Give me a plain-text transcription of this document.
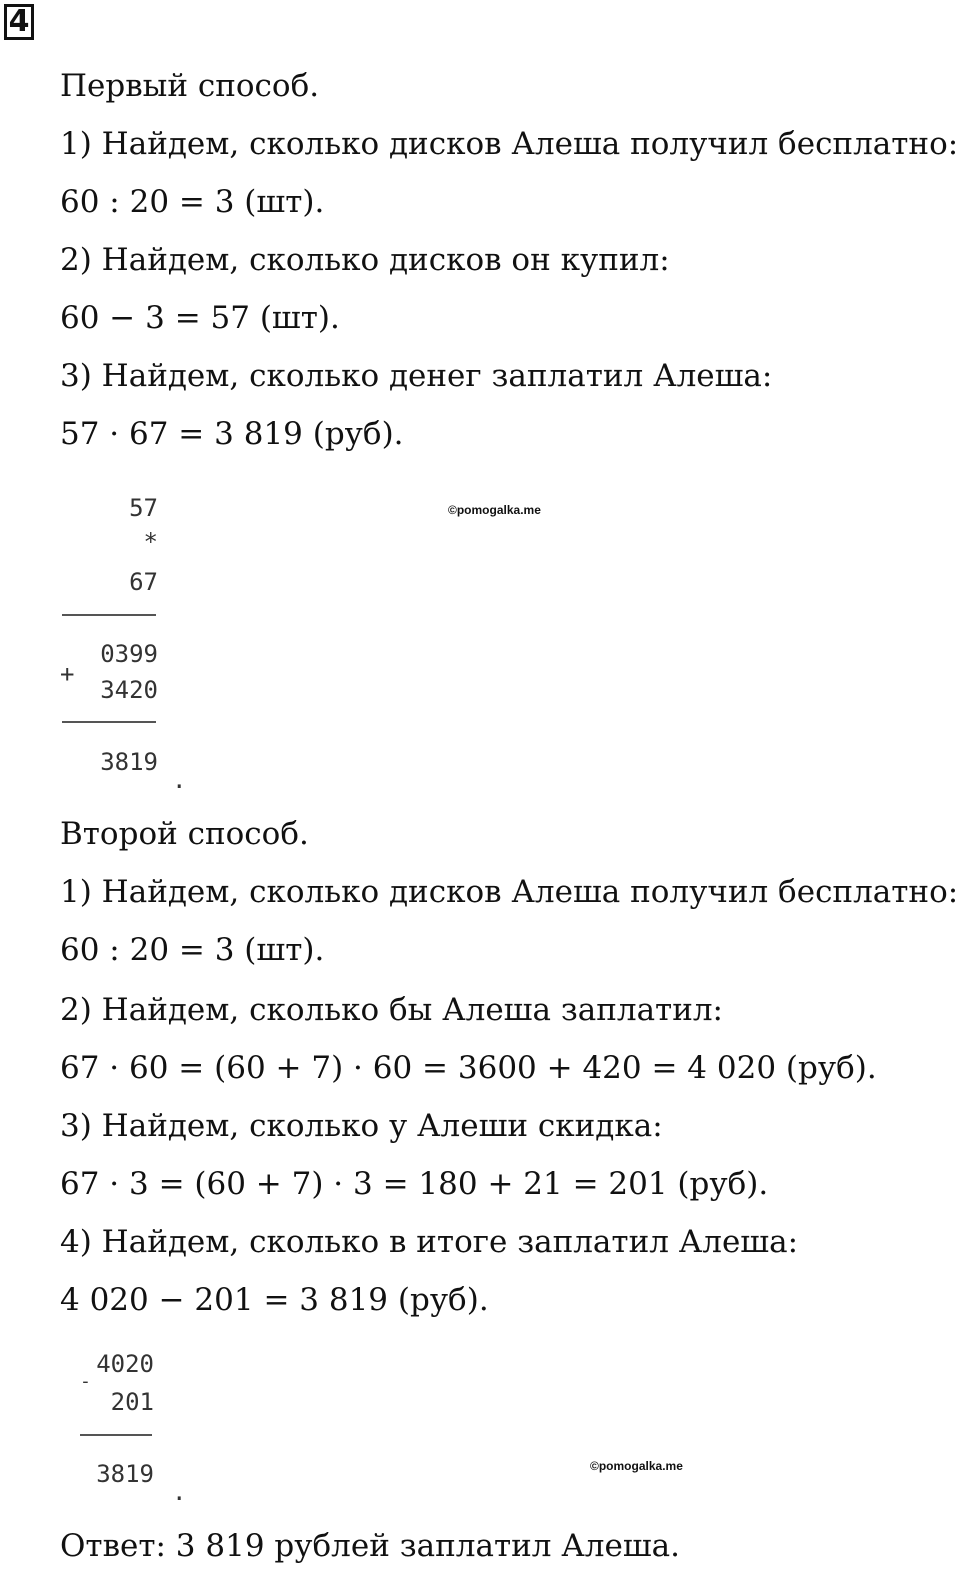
4
Первый способ.
1) Найдем, сколько дисков Алеша получил бесплатно:
60 : 20 = 3 (шт).
2) Найдем, сколько дисков он купил:
60 − 3 = 57 (шт).
3) Найдем, сколько денег заплатил Алеша:
57 · 67 = 3 819 (руб).
57
*
67
0399
+
3420
3819
.
©pomogalka.me
Второй способ.
1) Найдем, сколько дисков Алеша получил бесплатно:
60 : 20 = 3 (шт).
2) Найдем, сколько бы Алеша заплатил:
67 · 60 = (60 + 7) · 60 = 3600 + 420 = 4 020 (руб).
3) Найдем, сколько у Алеши скидка:
67 · 3 = (60 + 7) · 3 = 180 + 21 = 201 (руб).
4) Найдем, сколько в итоге заплатил Алеша:
4 020 − 201 = 3 819 (руб).
4020
-
201
3819
.
©pomogalka.me
Ответ: 3 819 рублей заплатил Алеша.
